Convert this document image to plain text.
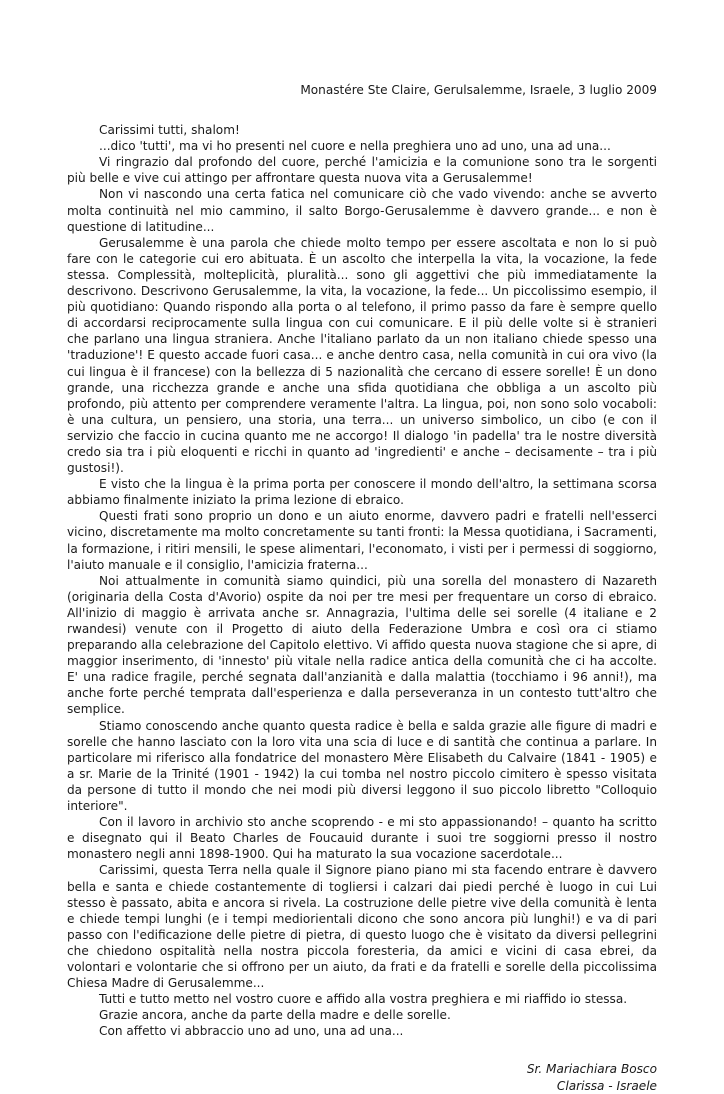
Monastére Ste Claire, Gerulsalemme, Israele, 3 luglio 2009

Carissimi tutti, shalom!

...dico 'tutti', ma vi ho presenti nel cuore e nella preghiera uno ad uno, una ad una...

Vi ringrazio dal profondo del cuore, perché l'amicizia e la comunione sono tra le sorgenti più belle e vive cui attingo per affrontare questa nuova vita a Gerusalemme!

Non vi nascondo una certa fatica nel comunicare ciò che vado vivendo: anche se avverto molta continuità nel mio cammino, il salto Borgo-Gerusalemme è davvero grande... e non è questione di latitudine...

Gerusalemme è una parola che chiede molto tempo per essere ascoltata e non lo si può fare con le categorie cui ero abituata. È un ascolto che interpella la vita, la vocazione, la fede stessa. Complessità, molteplicità, pluralità... sono gli aggettivi che più immediatamente la descrivono. Descrivono Gerusalemme, la vita, la vocazione, la fede... Un piccolissimo esempio, il più quotidiano: Quando rispondo alla porta o al telefono, il primo passo da fare è sempre quello di accordarsi reciprocamente sulla lingua con cui comunicare. E il più delle volte si è stranieri che parlano una lingua straniera. Anche l'italiano parlato da un non italiano chiede spesso una 'traduzione'! E questo accade fuori casa... e anche dentro casa, nella comunità in cui ora vivo (la cui lingua è il francese) con la bellezza di 5 nazionalità che cercano di essere sorelle! È un dono grande, una ricchezza grande e anche una sfida quotidiana che obbliga a un ascolto più profondo, più attento per comprendere veramente l'altra. La lingua, poi, non sono solo vocaboli: è una cultura, un pensiero, una storia, una terra... un universo simbolico, un cibo (e con il servizio che faccio in cucina quanto me ne accorgo! Il dialogo 'in padella' tra le nostre diversità credo sia tra i più eloquenti e ricchi in quanto ad 'ingredienti' e anche – decisamente – tra i più gustosi!).

E visto che la lingua è la prima porta per conoscere il mondo dell'altro, la settimana scorsa abbiamo finalmente iniziato la prima lezione di ebraico.

Questi frati sono proprio un dono e un aiuto enorme, davvero padri e fratelli nell'esserci vicino, discretamente ma molto concretamente su tanti fronti: la Messa quotidiana, i Sacramenti, la formazione, i ritiri mensili, le spese alimentari, l'economato, i visti per i permessi di soggiorno, l'aiuto manuale e il consiglio, l'amicizia fraterna...

Noi attualmente in comunità siamo quindici, più una sorella del monastero di Nazareth (originaria della Costa d'Avorio) ospite da noi per tre mesi per frequentare un corso di ebraico. All'inizio di maggio è arrivata anche sr. Annagrazia, l'ultima delle sei sorelle (4 italiane e 2 rwandesi) venute con il Progetto di aiuto della Federazione Umbra e così ora ci stiamo preparando alla celebrazione del Capitolo elettivo. Vi affido questa nuova stagione che si apre, di maggior inserimento, di 'innesto' più vitale nella radice antica della comunità che ci ha accolte. E' una radice fragile, perché segnata dall'anzianità e dalla malattia (tocchiamo i 96 anni!), ma anche forte perché temprata dall'esperienza e dalla perseveranza in un contesto tutt'altro che semplice.

Stiamo conoscendo anche quanto questa radice è bella e salda grazie alle figure di madri e sorelle che hanno lasciato con la loro vita una scia di luce e di santità che continua a parlare. In particolare mi riferisco alla fondatrice del monastero Mère Elisabeth du Calvaire (1841 - 1905) e a sr. Marie de la Trinité (1901 - 1942) la cui tomba nel nostro piccolo cimitero è spesso visitata da persone di tutto il mondo che nei modi più diversi leggono il suo piccolo libretto "Colloquio interiore".

Con il lavoro in archivio sto anche scoprendo - e mi sto appassionando! – quanto ha scritto e disegnato qui il Beato Charles de Foucauid durante i suoi tre soggiorni presso il nostro monastero negli anni 1898-1900. Qui ha maturato la sua vocazione sacerdotale...

Carissimi, questa Terra nella quale il Signore piano piano mi sta facendo entrare è davvero bella e santa e chiede costantemente di togliersi i calzari dai piedi perché è luogo in cui Lui stesso è passato, abita e ancora si rivela. La costruzione delle pietre vive della comunità è lenta e chiede tempi lunghi (e i tempi mediorientali dicono che sono ancora più lunghi!) e va di pari passo con l'edificazione delle pietre di pietra, di questo luogo che è visitato da diversi pellegrini che chiedono ospitalità nella nostra piccola foresteria, da amici e vicini di casa ebrei, da volontari e volontarie che si offrono per un aiuto, da frati e da fratelli e sorelle della piccolissima Chiesa Madre di Gerusalemme...

Tutti e tutto metto nel vostro cuore e affido alla vostra preghiera e mi riaffido io stessa.

Grazie ancora, anche da parte della madre e delle sorelle.

Con affetto vi abbraccio uno ad uno, una ad una...

Sr. Mariachiara Bosco
Clarissa - Israele
